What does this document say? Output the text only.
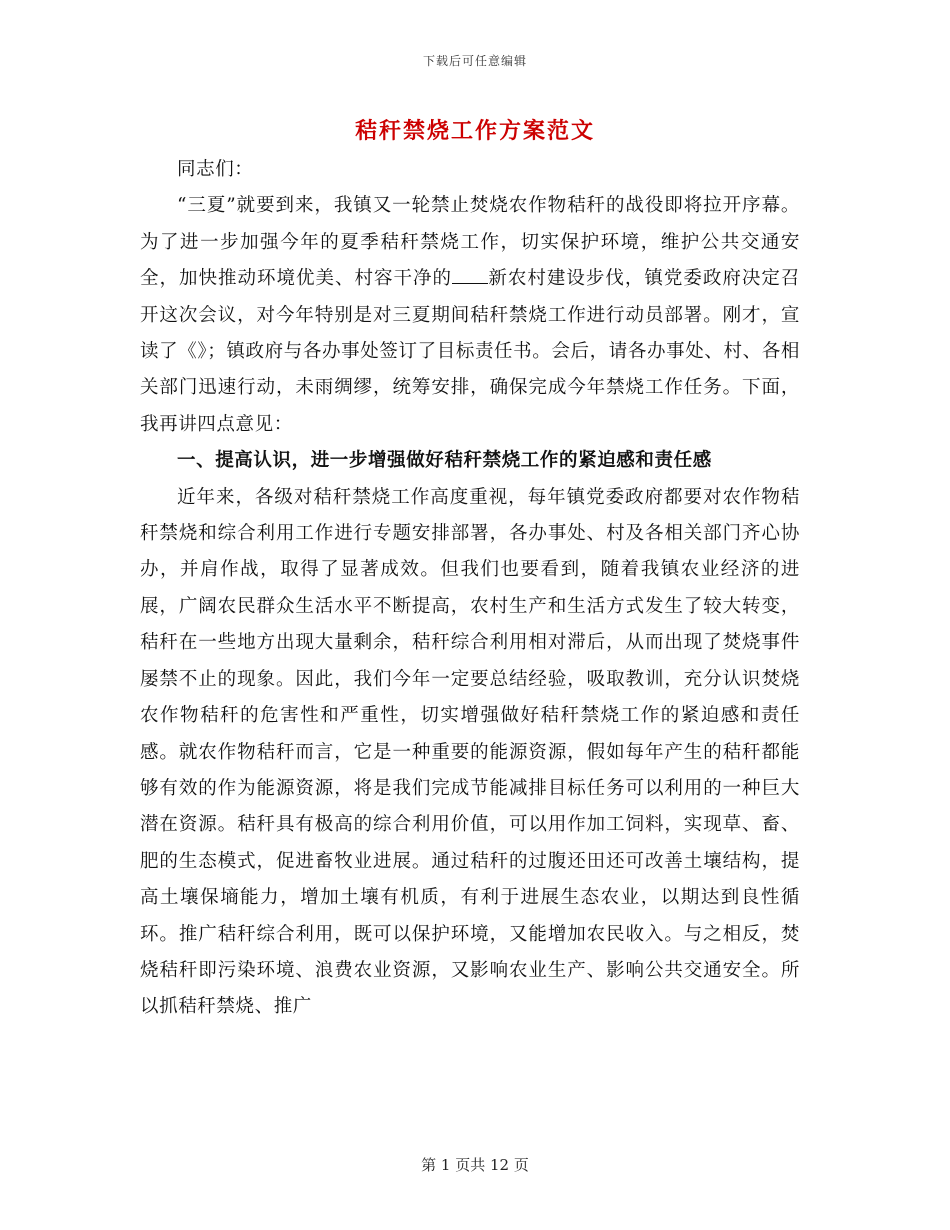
下载后可任意编辑
秸秆禁烧工作方案范文

同志们：

“三夏”就要到来，我镇又一轮禁止焚烧农作物秸秆的战役即将拉开序幕。为了进一步加强今年的夏季秸秆禁烧工作，切实保护环境，维护公共交通安全，加快推动环境优美、村容干净的 新农村建设步伐，镇党委政府决定召开这次会议，对今年特别是对三夏期间秸秆禁烧工作进行动员部署。刚才，宣读了《》；镇政府与各办事处签订了目标责任书。会后，请各办事处、村、各相关部门迅速行动，未雨绸缪，统筹安排，确保完成今年禁烧工作任务。下面，我再讲四点意见：

一、提高认识，进一步增强做好秸秆禁烧工作的紧迫感和责任感

近年来，各级对秸秆禁烧工作高度重视，每年镇党委政府都要对农作物秸秆禁烧和综合利用工作进行专题安排部署，各办事处、村及各相关部门齐心协办，并肩作战，取得了显著成效。但我们也要看到，随着我镇农业经济的进展，广阔农民群众生活水平不断提高，农村生产和生活方式发生了较大转变，秸秆在一些地方出现大量剩余，秸秆综合利用相对滞后，从而出现了焚烧事件屡禁不止的现象。因此，我们今年一定要总结经验，吸取教训，充分认识焚烧农作物秸秆的危害性和严重性，切实增强做好秸秆禁烧工作的紧迫感和责任感。就农作物秸秆而言，它是一种重要的能源资源，假如每年产生的秸秆都能够有效的作为能源资源，将是我们完成节能减排目标任务可以利用的一种巨大潜在资源。秸秆具有极高的综合利用价值，可以用作加工饲料，实现草、畜、肥的生态模式，促进畜牧业进展。通过秸秆的过腹还田还可改善土壤结构，提高土壤保墒能力，增加土壤有机质，有利于进展生态农业，以期达到良性循环。推广秸秆综合利用，既可以保护环境，又能增加农民收入。与之相反，焚烧秸秆即污染环境、浪费农业资源，又影响农业生产、影响公共交通安全。所以抓秸秆禁烧、推广

第 1 页共 12 页
